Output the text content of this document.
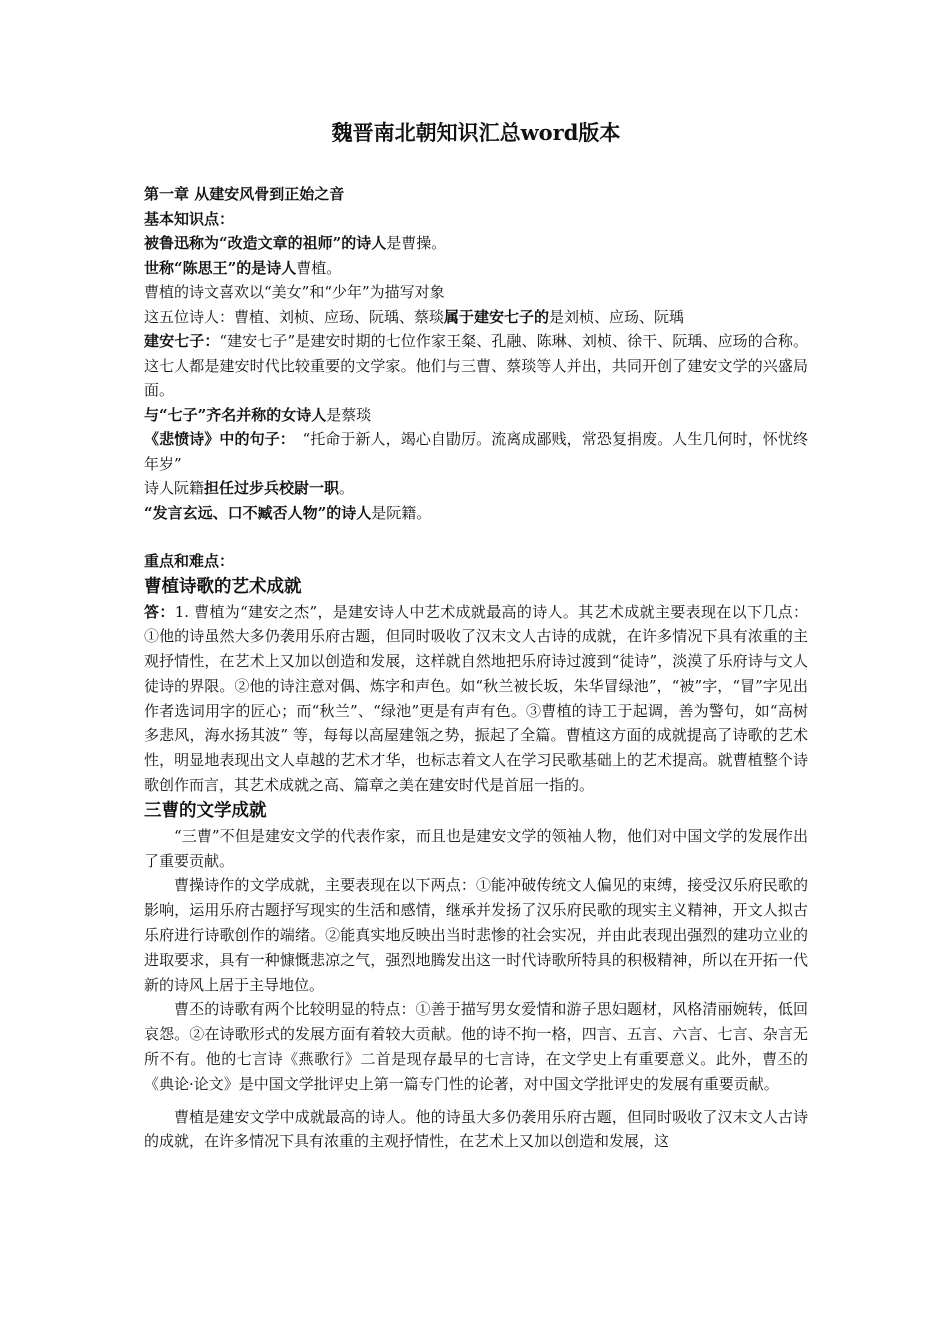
魏晋南北朝知识汇总word版本

第一章 从建安风骨到正始之音

基本知识点：

被鲁迅称为“改造文章的祖师”的诗人是曹操。

世称“陈思王”的是诗人曹植。

曹植的诗文喜欢以“美女”和“少年”为描写对象

这五位诗人：曹植、刘桢、应玚、阮瑀、蔡琰属于建安七子的是刘桢、应玚、阮瑀

建安七子：“建安七子”是建安时期的七位作家王粲、孔融、陈琳、刘桢、徐干、阮瑀、应玚的合称。这七人都是建安时代比较重要的文学家。他们与三曹、蔡琰等人并出，共同开创了建安文学的兴盛局面。

与“七子”齐名并称的女诗人是蔡琰

《悲愤诗》中的句子：　“托命于新人，竭心自勖厉。流离成鄙贱，常恐复捐废。人生几何时，怀忧终年岁”

诗人阮籍担任过步兵校尉一职。

“发言玄远、口不臧否人物”的诗人是阮籍。

重点和难点：

曹植诗歌的艺术成就

答：1. 曹植为“建安之杰”，是建安诗人中艺术成就最高的诗人。其艺术成就主要表现在以下几点：①他的诗虽然大多仍袭用乐府古题，但同时吸收了汉末文人古诗的成就，在许多情况下具有浓重的主观抒情性，在艺术上又加以创造和发展，这样就自然地把乐府诗过渡到“徒诗”，淡漠了乐府诗与文人徒诗的界限。②他的诗注意对偶、炼字和声色。如“秋兰被长坂，朱华冒绿池”，“被”字，“冒”字见出作者选词用字的匠心；而“秋兰”、“绿池”更是有声有色。③曹植的诗工于起调，善为警句，如“高树多悲风，海水扬其波” 等，每每以高屋建瓴之势，振起了全篇。曹植这方面的成就提高了诗歌的艺术性，明显地表现出文人卓越的艺术才华，也标志着文人在学习民歌基础上的艺术提高。就曹植整个诗歌创作而言，其艺术成就之高、篇章之美在建安时代是首屈一指的。

三曹的文学成就

“三曹”不但是建安文学的代表作家，而且也是建安文学的领袖人物，他们对中国文学的发展作出了重要贡献。

曹操诗作的文学成就，主要表现在以下两点：①能冲破传统文人偏见的束缚，接受汉乐府民歌的影响，运用乐府古题抒写现实的生活和感情，继承并发扬了汉乐府民歌的现实主义精神，开文人拟古乐府进行诗歌创作的端绪。②能真实地反映出当时悲惨的社会实况，并由此表现出强烈的建功立业的进取要求，具有一种慷慨悲凉之气，强烈地腾发出这一时代诗歌所特具的积极精神，所以在开拓一代新的诗风上居于主导地位。

曹丕的诗歌有两个比较明显的特点：①善于描写男女爱情和游子思妇题材，风格清丽婉转，低回哀怨。②在诗歌形式的发展方面有着较大贡献。他的诗不拘一格，四言、五言、六言、七言、杂言无所不有。他的七言诗《燕歌行》二首是现存最早的七言诗，在文学史上有重要意义。此外，曹丕的《典论·论文》是中国文学批评史上第一篇专门性的论著，对中国文学批评史的发展有重要贡献。

曹植是建安文学中成就最高的诗人。他的诗虽大多仍袭用乐府古题，但同时吸收了汉末文人古诗的成就，在许多情况下具有浓重的主观抒情性，在艺术上又加以创造和发展，这
